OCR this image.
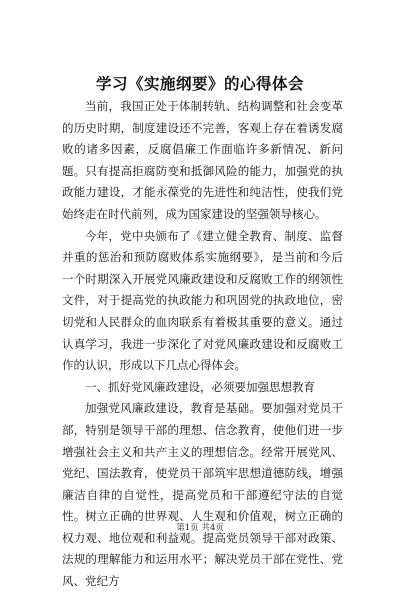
学习《实施纲要》的心得体会

当前，我国正处于体制转轨、结构调整和社会变革的历史时期，制度建设还不完善，客观上存在着诱发腐败的诸多因素，反腐倡廉工作面临许多新情况、新问题。只有提高拒腐防变和抵御风险的能力，加强党的执政能力建设，才能永葆党的先进性和纯洁性，使我们党始终走在时代前列，成为国家建设的坚强领导核心。

今年，党中央颁布了《建立健全教育、制度、监督并重的惩治和预防腐败体系实施纲要》，是当前和今后一个时期深入开展党风廉政建设和反腐败工作的纲领性文件，对于提高党的执政能力和巩固党的执政地位，密切党和人民群众的血肉联系有着极其重要的意义。通过认真学习，我进一步深化了对党风廉政建设和反腐败工作的认识，形成以下几点心得体会。

一、抓好党风廉政建设，必须要加强思想教育

加强党风廉政建设，教育是基础。要加强对党员干部，特别是领导干部的理想、信念教育，使他们进一步增强社会主义和共产主义的理想信念。经常开展党风、党纪、国法教育，使党员干部筑牢思想道德防线，增强廉洁自律的自觉性，提高党员和干部遵纪守法的自觉性。树立正确的世界观、人生观和价值观，树立正确的权力观、地位观和利益观。提高党员领导干部对政策、法规的理解能力和运用水平；解决党员干部在党性、党风、党纪方

第1页 共4页
